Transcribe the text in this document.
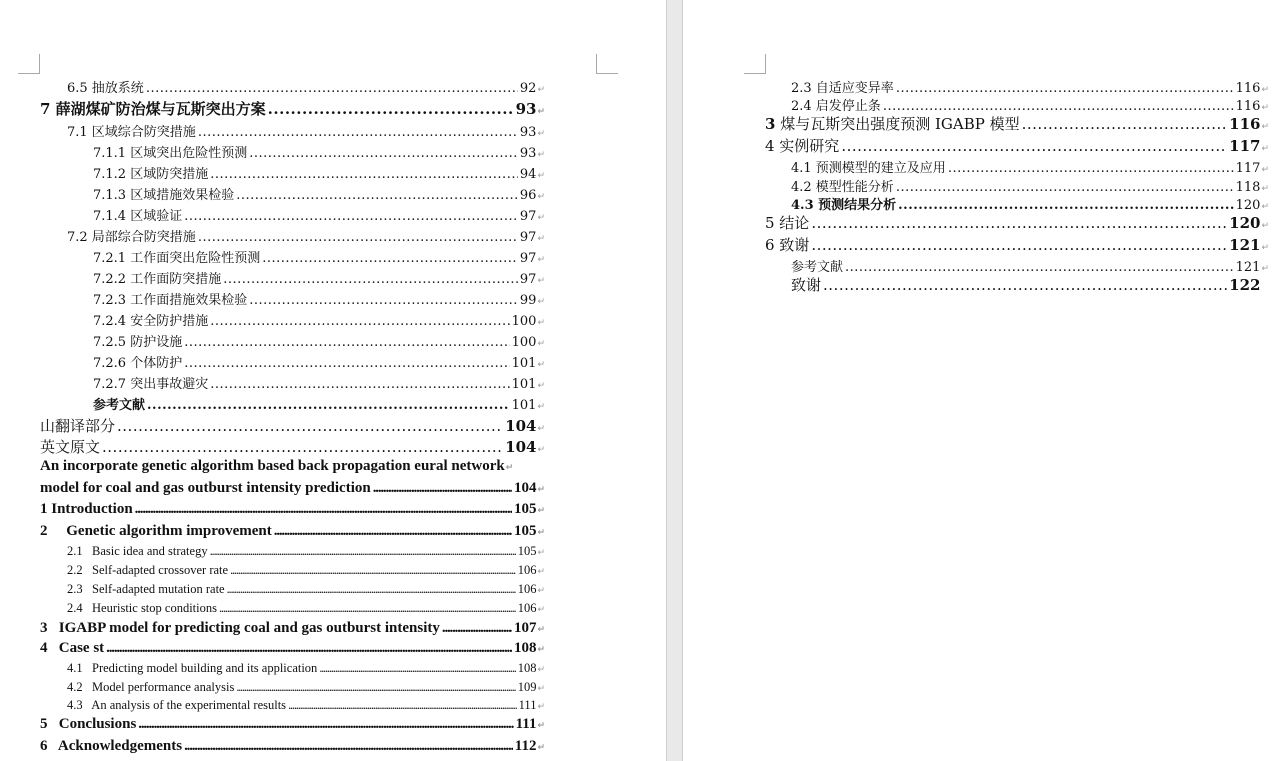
6.5 抽放系统 .....	92 ↵
7 薛湖煤矿防治煤与瓦斯突出方案 .....	93 ↵
7.1 区域综合防突措施 .....	93 ↵
7.1.1 区域突出危险性预测 .....	93 ↵
7.1.2 区域防突措施 .....	94 ↵
7.1.3 区域措施效果检验 .....	96 ↵
7.1.4 区域验证 .....	97 ↵
7.2 局部综合防突措施 .....	97 ↵
7.2.1 工作面突出危险性预测 .....	97 ↵
7.2.2 工作面防突措施 .....	97 ↵
7.2.3 工作面措施效果检验 .....	99 ↵
7.2.4 安全防护措施 .....	100 ↵
7.2.5 防护设施 .....	100 ↵
7.2.6 个体防护 .....	101 ↵
7.2.7 突出事故避灾 .....	101 ↵
参考文献 .....	101 ↵
山翻译部分 .....	104 ↵
英文原文 .....	104 ↵
An incorporate genetic algorithm based back propagation eural network ↵
model for coal and gas outburst intensity prediction .....	104 ↵
1 Introduction .....	105 ↵
2     Genetic algorithm improvement .....	105 ↵
2.1   Basic idea and strategy .....	105 ↵
2.2   Self-adapted crossover rate .....	106 ↵
2.3   Self-adapted mutation rate .....	106 ↵
2.4   Heuristic stop conditions .....	106 ↵
3   IGABP model for predicting coal and gas outburst intensity .....	107 ↵
4   Case st .....	108 ↵
4.1   Predicting model building and its application .....	108 ↵
4.2   Model performance analysis .....	109 ↵
4.3   An analysis of the experimental results .....	111 ↵
5   Conclusions .....	111 ↵
6   Acknowledgements .....	112 ↵
2.3 自适应变异率 .....	116 ↵
2.4 启发停止条 .....	116 ↵
3 煤与瓦斯突出强度预测 IGABP 模型 .....	116 ↵
4 实例研究 .....	117 ↵
4.1 预测模型的建立及应用 .....	117 ↵
4.2 模型性能分析 .....	118 ↵
4.3 预测结果分析 .....	120 ↵
5 结论 .....	120 ↵
6 致谢 .....	121 ↵
参考文献 .....	121 ↵
致谢 .....	122
